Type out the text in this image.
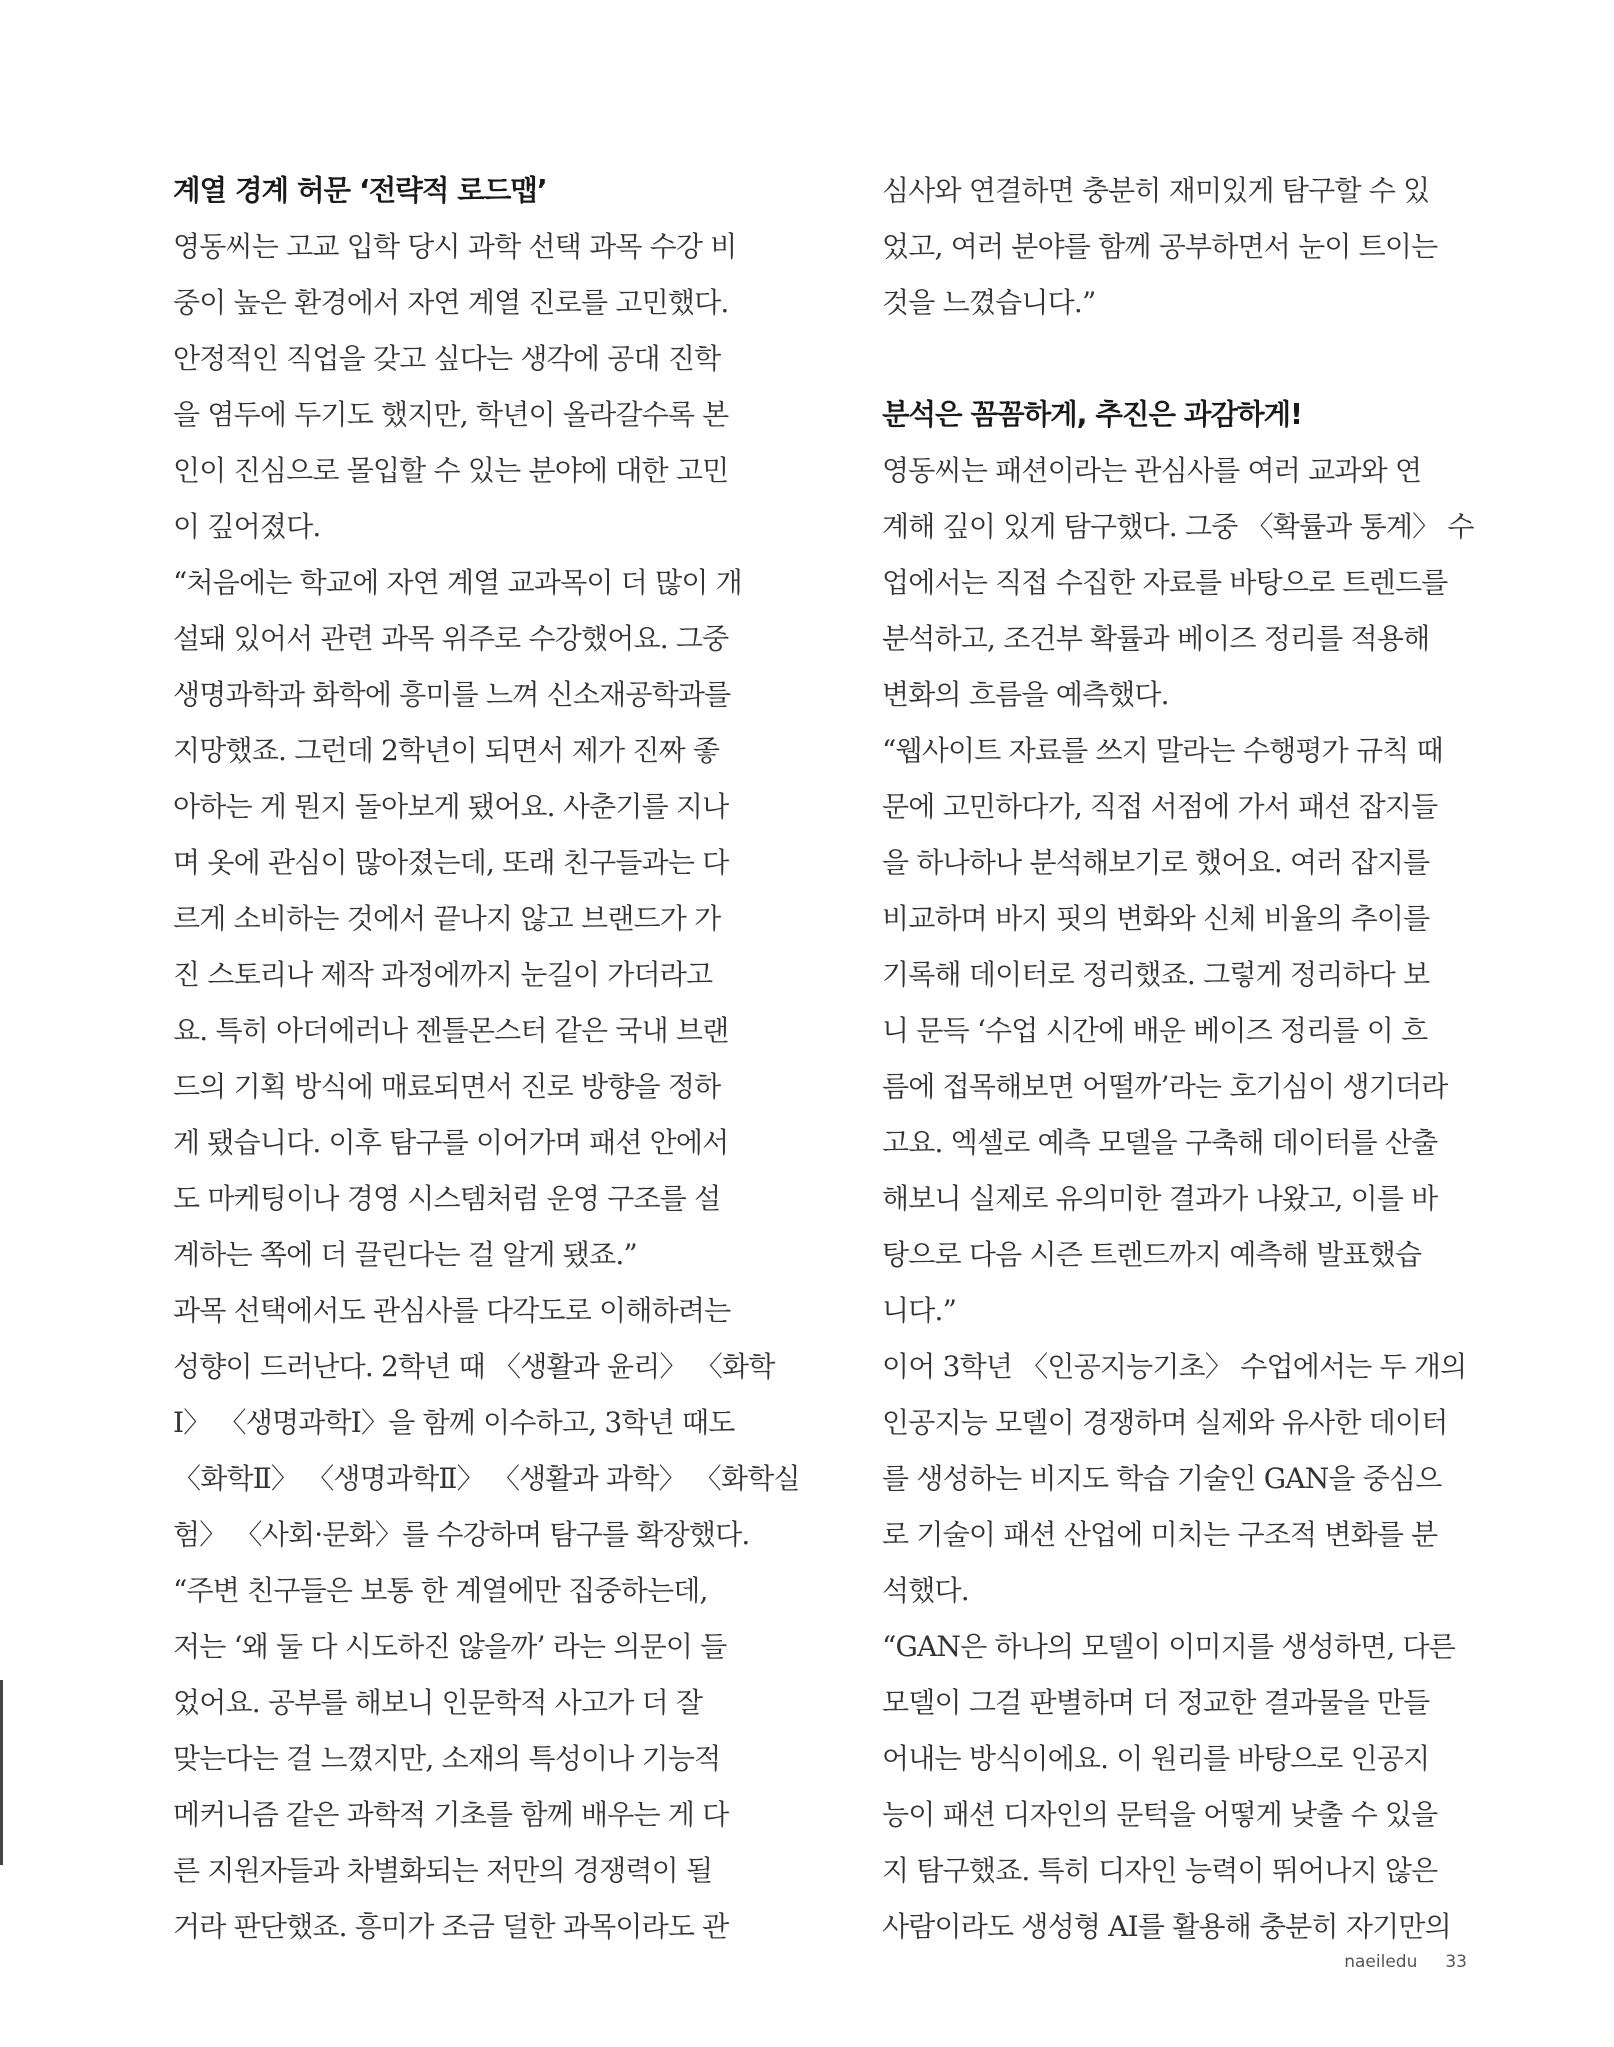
계열 경계 허문 ‘전략적 로드맵’
영동씨는 고교 입학 당시 과학 선택 과목 수강 비
중이 높은 환경에서 자연 계열 진로를 고민했다.
안정적인 직업을 갖고 싶다는 생각에 공대 진학
을 염두에 두기도 했지만, 학년이 올라갈수록 본
인이 진심으로 몰입할 수 있는 분야에 대한 고민
이 깊어졌다.
“처음에는 학교에 자연 계열 교과목이 더 많이 개
설돼 있어서 관련 과목 위주로 수강했어요. 그중
생명과학과 화학에 흥미를 느껴 신소재공학과를
지망했죠. 그런데 2학년이 되면서 제가 진짜 좋
아하는 게 뭔지 돌아보게 됐어요. 사춘기를 지나
며 옷에 관심이 많아졌는데, 또래 친구들과는 다
르게 소비하는 것에서 끝나지 않고 브랜드가 가
진 스토리나 제작 과정에까지 눈길이 가더라고
요. 특히 아더에러나 젠틀몬스터 같은 국내 브랜
드의 기획 방식에 매료되면서 진로 방향을 정하
게 됐습니다. 이후 탐구를 이어가며 패션 안에서
도 마케팅이나 경영 시스템처럼 운영 구조를 설
계하는 쪽에 더 끌린다는 걸 알게 됐죠.”
과목 선택에서도 관심사를 다각도로 이해하려는
성향이 드러난다. 2학년 때 〈생활과 윤리〉 〈화학
Ⅰ〉 〈생명과학Ⅰ〉을 함께 이수하고, 3학년 때도
〈화학Ⅱ〉 〈생명과학Ⅱ〉 〈생활과 과학〉 〈화학실
험〉 〈사회·문화〉를 수강하며 탐구를 확장했다.
“주변 친구들은 보통 한 계열에만 집중하는데,
저는 ‘왜 둘 다 시도하진 않을까’ 라는 의문이 들
었어요. 공부를 해보니 인문학적 사고가 더 잘
맞는다는 걸 느꼈지만, 소재의 특성이나 기능적
메커니즘 같은 과학적 기초를 함께 배우는 게 다
른 지원자들과 차별화되는 저만의 경쟁력이 될
거라 판단했죠. 흥미가 조금 덜한 과목이라도 관
심사와 연결하면 충분히 재미있게 탐구할 수 있
었고, 여러 분야를 함께 공부하면서 눈이 트이는
것을 느꼈습니다.”
분석은 꼼꼼하게, 추진은 과감하게!
영동씨는 패션이라는 관심사를 여러 교과와 연
계해 깊이 있게 탐구했다. 그중 〈확률과 통계〉 수
업에서는 직접 수집한 자료를 바탕으로 트렌드를
분석하고, 조건부 확률과 베이즈 정리를 적용해
변화의 흐름을 예측했다.
“웹사이트 자료를 쓰지 말라는 수행평가 규칙 때
문에 고민하다가, 직접 서점에 가서 패션 잡지들
을 하나하나 분석해보기로 했어요. 여러 잡지를
비교하며 바지 핏의 변화와 신체 비율의 추이를
기록해 데이터로 정리했죠. 그렇게 정리하다 보
니 문득 ‘수업 시간에 배운 베이즈 정리를 이 흐
름에 접목해보면 어떨까’라는 호기심이 생기더라
고요. 엑셀로 예측 모델을 구축해 데이터를 산출
해보니 실제로 유의미한 결과가 나왔고, 이를 바
탕으로 다음 시즌 트렌드까지 예측해 발표했습
니다.”
이어 3학년 〈인공지능기초〉 수업에서는 두 개의
인공지능 모델이 경쟁하며 실제와 유사한 데이터
를 생성하는 비지도 학습 기술인 GAN을 중심으
로 기술이 패션 산업에 미치는 구조적 변화를 분
석했다.
“GAN은 하나의 모델이 이미지를 생성하면, 다른
모델이 그걸 판별하며 더 정교한 결과물을 만들
어내는 방식이에요. 이 원리를 바탕으로 인공지
능이 패션 디자인의 문턱을 어떻게 낮출 수 있을
지 탐구했죠. 특히 디자인 능력이 뛰어나지 않은
사람이라도 생성형 AI를 활용해 충분히 자기만의
naeiledu 33
